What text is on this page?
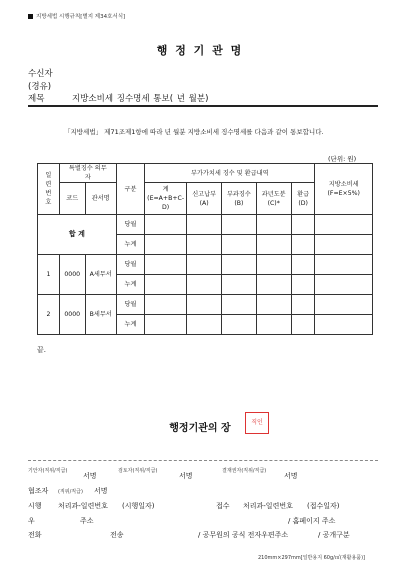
지방세법 시행규칙[별지 제34호서식]
행 정 기 관 명
수신자
(경유)
제목	지방소비세 징수명세 통보( 년 월분)
「지방세법」 제71조제1항에 따라 년 월분 지방소비세 징수명세를 다음과 같이 통보합니다.
(단위: 원)
일련번호	특별징수 의무자		구분	부가가치세 징수 및 환급내역					지방소비세 (F=E×5%)
	코드	관서명		계 (E=A+B+C-D)	신고납부 (A)	부과징수 (B)	과년도분 (C)*	환급 (D)	

합 계			당월						
			누계						
1	0000	A세무서	당월						
			누계						
2	0000	B세무서	당월						
			누계						
끝.
행정기관의 장
직인
기안자(직위/직급)
서명
검토자(직위/직급)
서명
결재권자(직위/직급)
서명
협조자 (직위/직급) 서명
시행 처리과-일련번호 (시행일자)	접수 처리과-일련번호 (접수일자)
우	주소	/ 홈페이지 주소
전화	전송	/ 공무원의 공식 전자우편주소	/ 공개구분
210mm×297mm[일반용지 60g/㎡(재활용품)]
